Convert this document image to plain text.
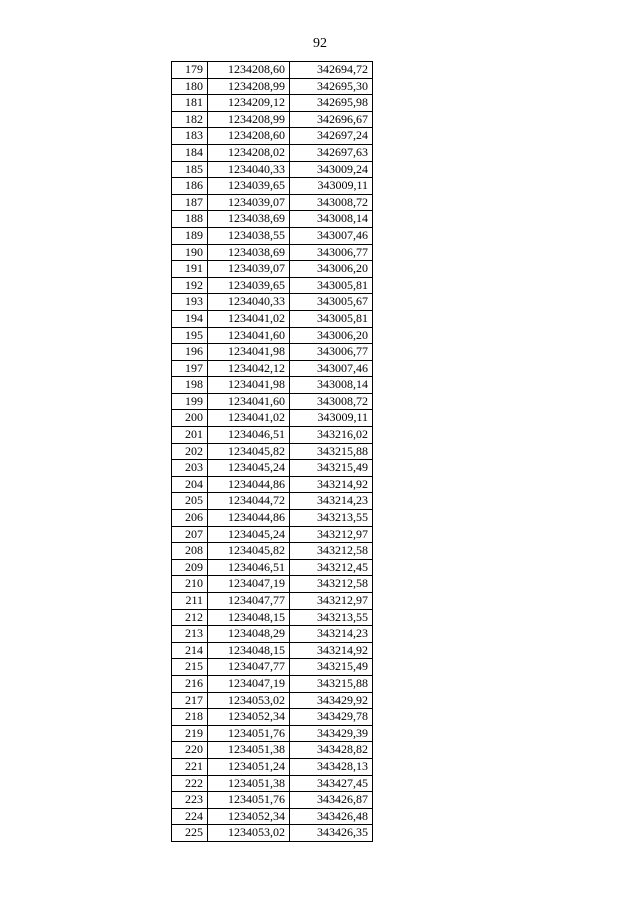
92
179	1234208,60	342694,72
180	1234208,99	342695,30
181	1234209,12	342695,98
182	1234208,99	342696,67
183	1234208,60	342697,24
184	1234208,02	342697,63
185	1234040,33	343009,24
186	1234039,65	343009,11
187	1234039,07	343008,72
188	1234038,69	343008,14
189	1234038,55	343007,46
190	1234038,69	343006,77
191	1234039,07	343006,20
192	1234039,65	343005,81
193	1234040,33	343005,67
194	1234041,02	343005,81
195	1234041,60	343006,20
196	1234041,98	343006,77
197	1234042,12	343007,46
198	1234041,98	343008,14
199	1234041,60	343008,72
200	1234041,02	343009,11
201	1234046,51	343216,02
202	1234045,82	343215,88
203	1234045,24	343215,49
204	1234044,86	343214,92
205	1234044,72	343214,23
206	1234044,86	343213,55
207	1234045,24	343212,97
208	1234045,82	343212,58
209	1234046,51	343212,45
210	1234047,19	343212,58
211	1234047,77	343212,97
212	1234048,15	343213,55
213	1234048,29	343214,23
214	1234048,15	343214,92
215	1234047,77	343215,49
216	1234047,19	343215,88
217	1234053,02	343429,92
218	1234052,34	343429,78
219	1234051,76	343429,39
220	1234051,38	343428,82
221	1234051,24	343428,13
222	1234051,38	343427,45
223	1234051,76	343426,87
224	1234052,34	343426,48
225	1234053,02	343426,35
